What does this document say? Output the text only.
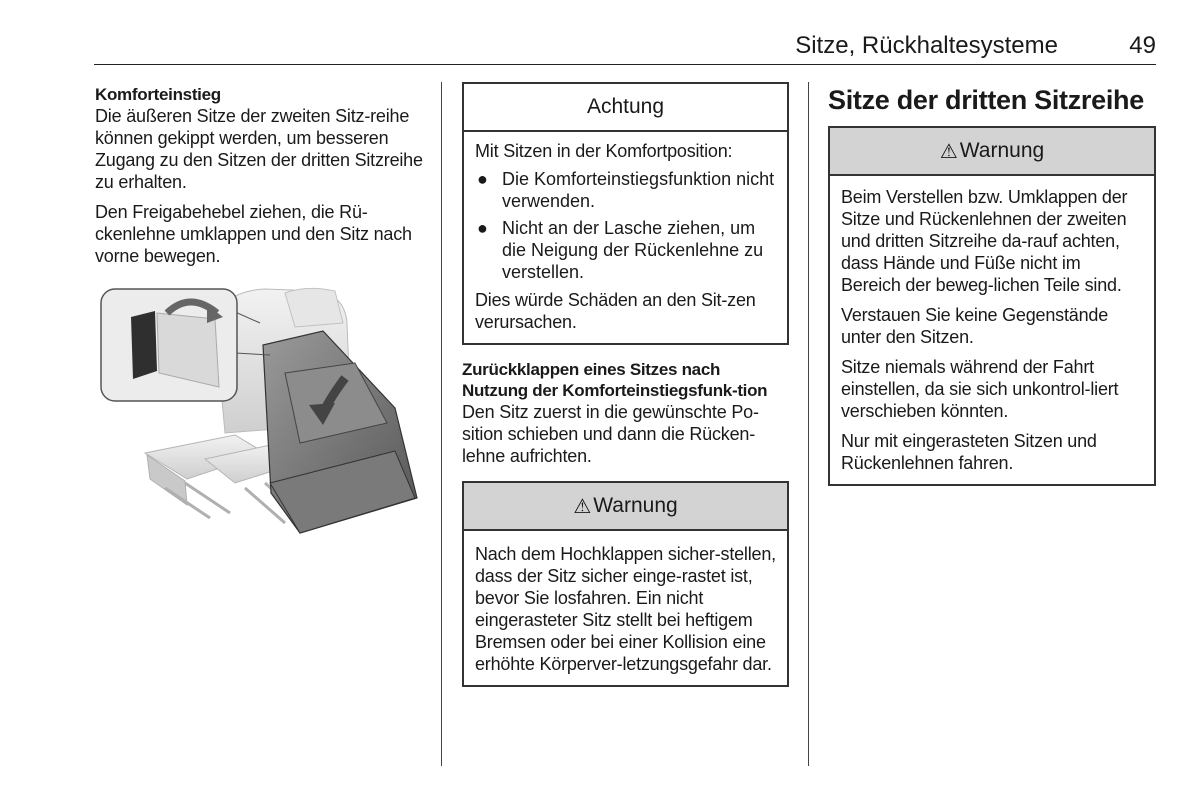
Sitze, Rückhaltesysteme	49
Komforteinstieg

Die äußeren Sitze der zweiten Sitz-reihe können gekippt werden, um besseren Zugang zu den Sitzen der dritten Sitzreihe zu erhalten.

Den Freigabehebel ziehen, die Rü-ckenlehne umklappen und den Sitz nach vorne bewegen.

Achtung

Mit Sitzen in der Komfortposition:

● Die Komforteinstiegsfunktion nicht verwenden.
● Nicht an der Lasche ziehen, um die Neigung der Rückenlehne zu verstellen.

Dies würde Schäden an den Sit-zen verursachen.

Zurückklappen eines Sitzes nach Nutzung der Komforteinstiegsfunk-tion

Den Sitz zuerst in die gewünschte Po-sition schieben und dann die Rücken-lehne aufrichten.

⚠ Warnung

Nach dem Hochklappen sicher-stellen, dass der Sitz sicher einge-rastet ist, bevor Sie losfahren. Ein nicht eingerasteter Sitz stellt bei heftigem Bremsen oder bei einer Kollision eine erhöhte Körperver-letzungsgefahr dar.

Sitze der dritten Sitzreihe
⚠ Warnung

Beim Verstellen bzw. Umklappen der Sitze und Rückenlehnen der zweiten und dritten Sitzreihe da-rauf achten, dass Hände und Füße nicht im Bereich der beweg-lichen Teile sind.

Verstauen Sie keine Gegenstände unter den Sitzen.

Sitze niemals während der Fahrt einstellen, da sie sich unkontrol-liert verschieben könnten.

Nur mit eingerasteten Sitzen und Rückenlehnen fahren.
